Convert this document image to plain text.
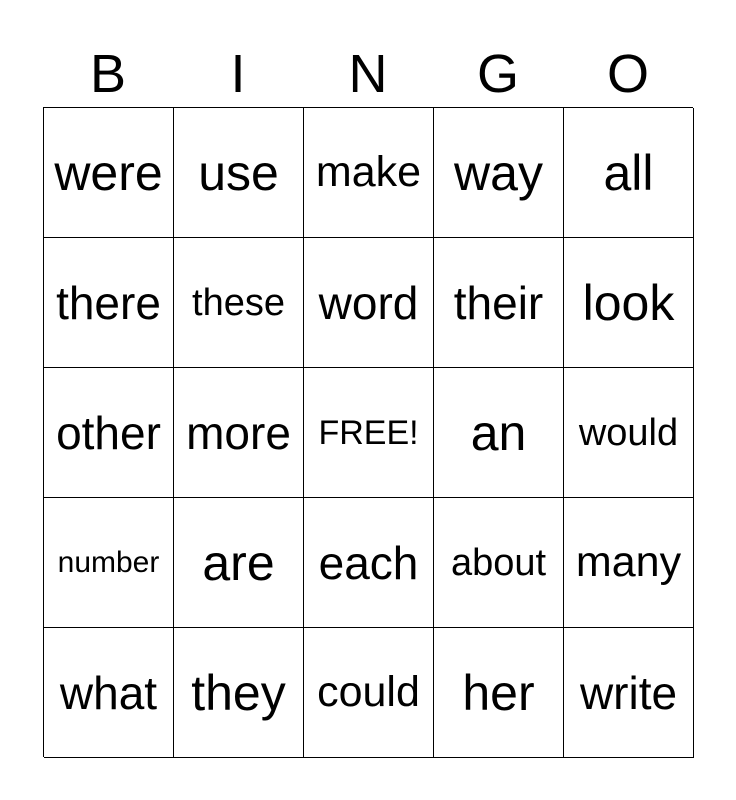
B	I	N	G	O
were use make way	all
there these word their look
other more FREE!	an	would
number are each about many
what they could her write
